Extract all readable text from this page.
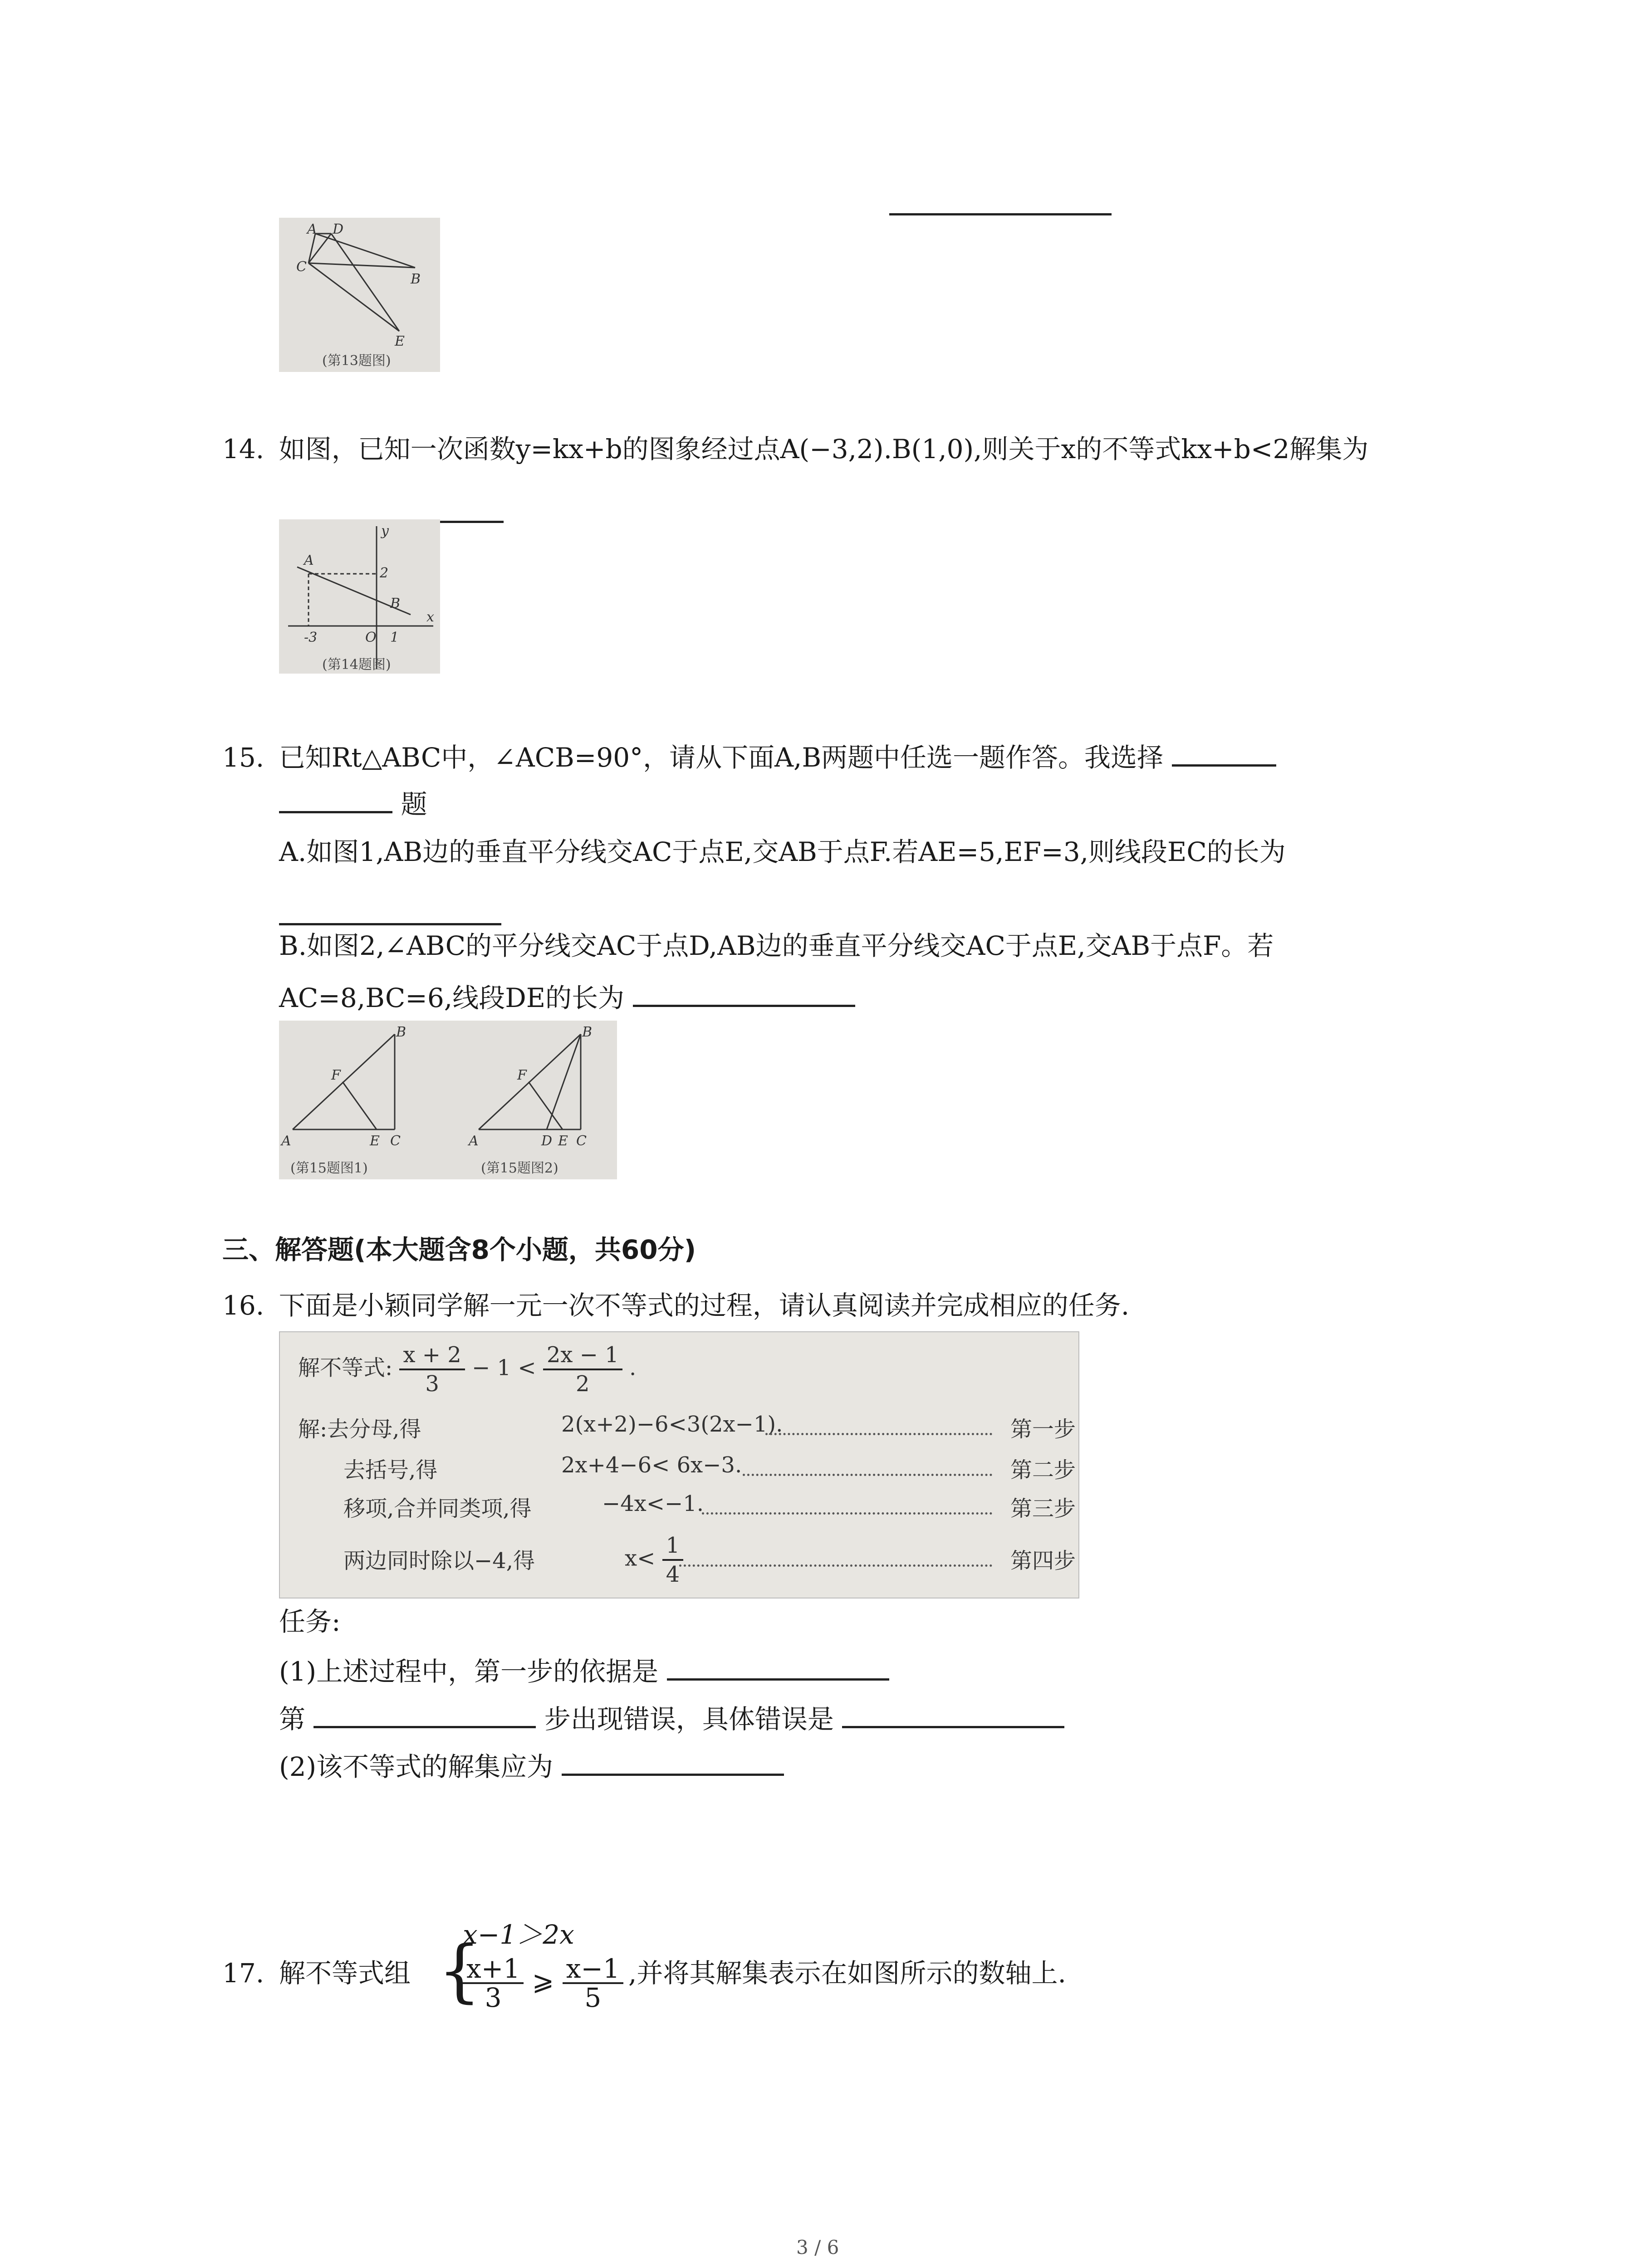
A D
C
B
E
(第13题图)
14. 如图，已知一次函数y=kx+b的图象经过点A(−3,2).B(1,0),则关于x的不等式kx+b<2解集为
y
A
2
B
-3	O 1
x
(第14题图)
15. 已知Rt△ABC中，∠ACB=90°，请从下面A,B两题中任选一题作答。我选择
题
A.如图1,AB边的垂直平分线交AC于点E,交AB于点F.若AE=5,EF=3,则线段EC的长为
B.如图2,∠ABC的平分线交AC于点D,AB边的垂直平分线交AC于点E,交AB于点F。若
AC=8,BC=6,线段DE的长为
B
F
A	E C
B
F
A	D E C
(第15题图1)	(第15题图2)
三、解答题(本大题含8个小题，共60分)
16. 下面是小颖同学解一元一次不等式的过程，请认真阅读并完成相应的任务.
解不等式: $\frac{x + 2}{3} - 1 < \frac{2x - 1}{2}$ .
解:去分母,得	2(x+2)−6<3(2x−1).	第一步
去括号,得	2x+4−6< 6x−3.	第二步
移项,合并同类项,得	−4x<−1.	第三步
两边同时除以−4,得	$x< \frac{1}{4}$	第四步
任务:
(1)上述过程中，第一步的依据是
第	步出现错误，具体错误是
(2)该不等式的解集应为
17. 解不等式组 {
x−1＞2x
$\frac{x+1}{3}$ ⩾ $\frac{x-1}{5}$ ,并将其解集表示在如图所示的数轴上.
3 / 6
